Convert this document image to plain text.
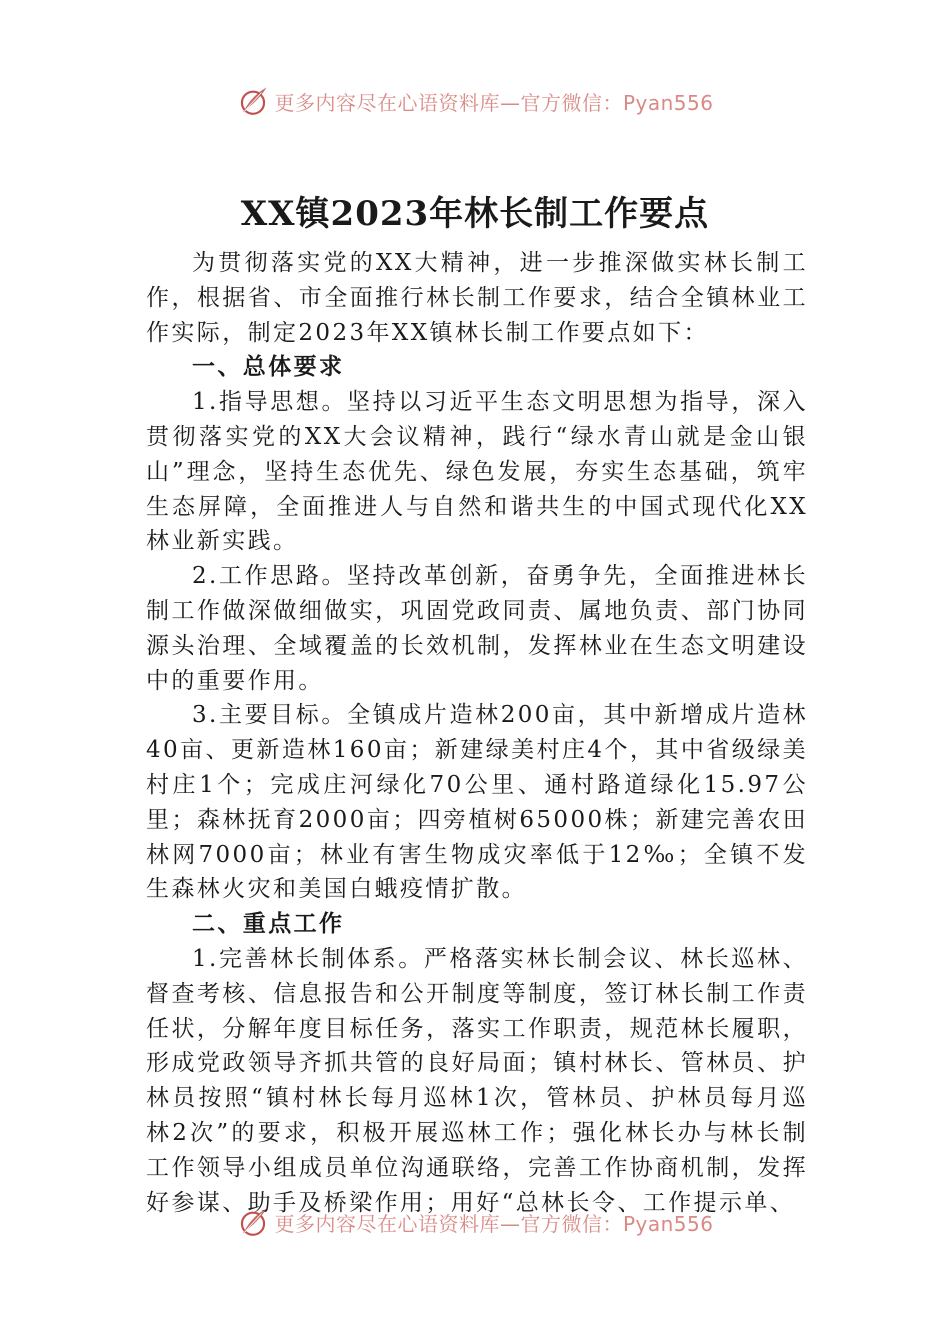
更多内容尽在心语资料库—官方微信：Pyan556
XX镇2023年林长制工作要点

为贯彻落实党的XX大精神，进一步推深做实林长制工作，根据省、市全面推行林长制工作要求，结合全镇林业工作实际，制定2023年XX镇林长制工作要点如下：

一、总体要求

1.指导思想。坚持以习近平生态文明思想为指导，深入贯彻落实党的XX大会议精神，践行“绿水青山就是金山银山”理念，坚持生态优先、绿色发展，夯实生态基础，筑牢生态屏障，全面推进人与自然和谐共生的中国式现代化XX林业新实践。

2.工作思路。坚持改革创新，奋勇争先，全面推进林长制工作做深做细做实，巩固党政同责、属地负责、部门协同源头治理、全域覆盖的长效机制，发挥林业在生态文明建设中的重要作用。

3.主要目标。全镇成片造林200亩，其中新增成片造林40亩、更新造林160亩；新建绿美村庄4个，其中省级绿美村庄1个；完成庄河绿化70公里、通村路道绿化15.97公里；森林抚育2000亩；四旁植树65000株；新建完善农田林网7000亩；林业有害生物成灾率低于12‰；全镇不发生森林火灾和美国白蛾疫情扩散。

二、重点工作

1.完善林长制体系。严格落实林长制会议、林长巡林、督查考核、信息报告和公开制度等制度，签订林长制工作责任状，分解年度目标任务，落实工作职责，规范林长履职，形成党政领导齐抓共管的良好局面；镇村林长、管林员、护林员按照“镇村林长每月巡林1次，管林员、护林员每月巡林2次”的要求，积极开展巡林工作；强化林长办与林长制工作领导小组成员单位沟通联络，完善工作协商机制，发挥好参谋、助手及桥梁作用；用好“总林长令、工作提示单、

更多内容尽在心语资料库—官方微信：Pyan556
